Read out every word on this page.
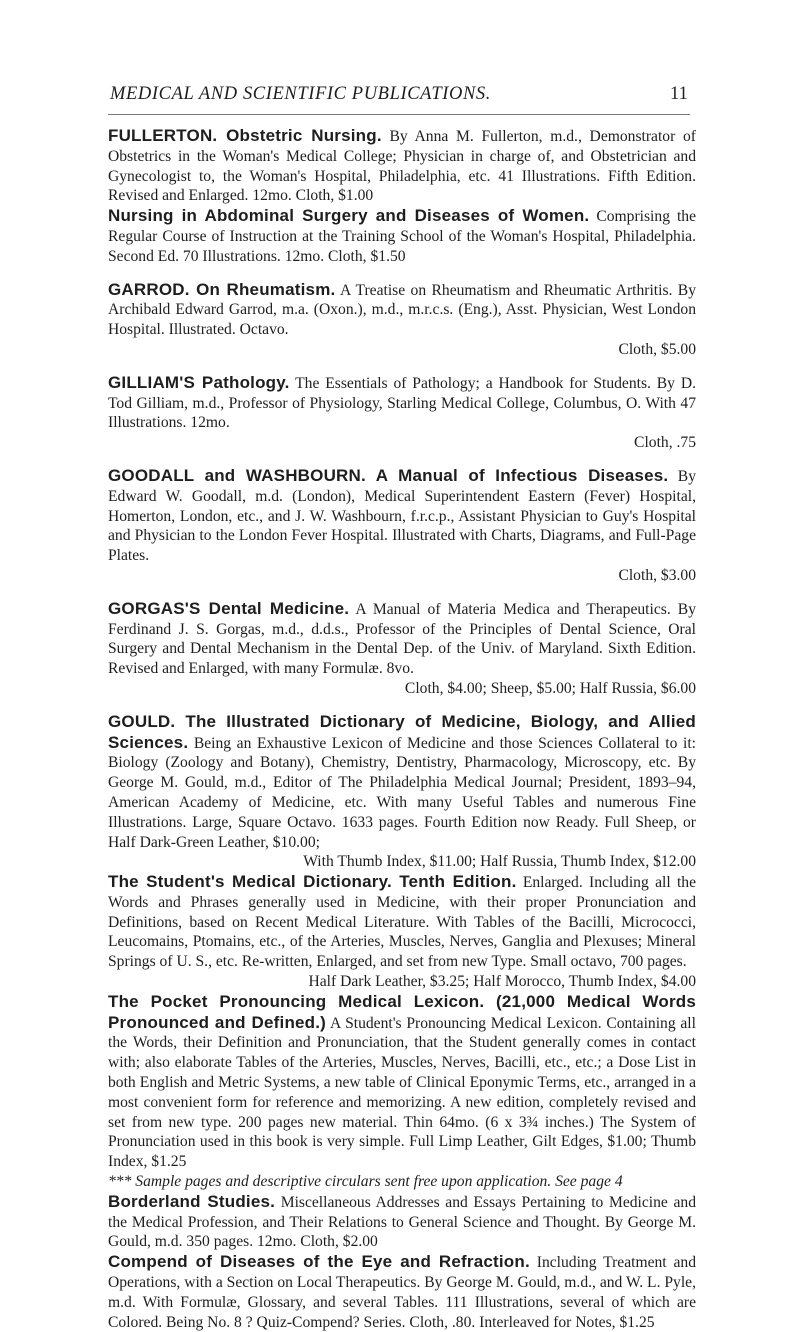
MEDICAL AND SCIENTIFIC PUBLICATIONS.	11
FULLERTON. Obstetric Nursing. By Anna M. Fullerton, m.d., Demonstrator of Obstetrics in the Woman's Medical College; Physician in charge of, and Obstetrician and Gynecologist to, the Woman's Hospital, Philadelphia, etc. 41 Illustrations. Fifth Edition. Revised and Enlarged. 12mo. Cloth, $1.00
Nursing in Abdominal Surgery and Diseases of Women. Comprising the Regular Course of Instruction at the Training School of the Woman's Hospital, Philadelphia. Second Ed. 70 Illustrations. 12mo. Cloth, $1.50
GARROD. On Rheumatism. A Treatise on Rheumatism and Rheumatic Arthritis. By Archibald Edward Garrod, m.a. (Oxon.), m.d., m.r.c.s. (Eng.), Asst. Physician, West London Hospital. Illustrated. Octavo.
Cloth, $5.00
GILLIAM'S Pathology. The Essentials of Pathology; a Handbook for Students. By D. Tod Gilliam, m.d., Professor of Physiology, Starling Medical College, Columbus, O. With 47 Illustrations. 12mo.
Cloth, .75
GOODALL and WASHBOURN. A Manual of Infectious Diseases. By Edward W. Goodall, m.d. (London), Medical Superintendent Eastern (Fever) Hospital, Homerton, London, etc., and J. W. Washbourn, f.r.c.p., Assistant Physician to Guy's Hospital and Physician to the London Fever Hospital. Illustrated with Charts, Diagrams, and Full-Page Plates.
Cloth, $3.00
GORGAS'S Dental Medicine. A Manual of Materia Medica and Therapeutics. By Ferdinand J. S. Gorgas, m.d., d.d.s., Professor of the Principles of Dental Science, Oral Surgery and Dental Mechanism in the Dental Dep. of the Univ. of Maryland. Sixth Edition. Revised and Enlarged, with many Formulæ. 8vo.
Cloth, $4.00; Sheep, $5.00; Half Russia, $6.00
GOULD. The Illustrated Dictionary of Medicine, Biology, and Allied Sciences. Being an Exhaustive Lexicon of Medicine and those Sciences Collateral to it: Biology (Zoology and Botany), Chemistry, Dentistry, Pharmacology, Microscopy, etc. By George M. Gould, m.d., Editor of The Philadelphia Medical Journal; President, 1893–94, American Academy of Medicine, etc. With many Useful Tables and numerous Fine Illustrations. Large, Square Octavo. 1633 pages. Fourth Edition now Ready. Full Sheep, or Half Dark-Green Leather, $10.00;
With Thumb Index, $11.00; Half Russia, Thumb Index, $12.00
The Student's Medical Dictionary. Tenth Edition. Enlarged. Including all the Words and Phrases generally used in Medicine, with their proper Pronunciation and Definitions, based on Recent Medical Literature. With Tables of the Bacilli, Micrococci, Leucomains, Ptomains, etc., of the Arteries, Muscles, Nerves, Ganglia and Plexuses; Mineral Springs of U. S., etc. Re-written, Enlarged, and set from new Type. Small octavo, 700 pages.
Half Dark Leather, $3.25; Half Morocco, Thumb Index, $4.00
The Pocket Pronouncing Medical Lexicon. (21,000 Medical Words Pronounced and Defined.) A Student's Pronouncing Medical Lexicon. Containing all the Words, their Definition and Pronunciation, that the Student generally comes in contact with; also elaborate Tables of the Arteries, Muscles, Nerves, Bacilli, etc., etc.; a Dose List in both English and Metric Systems, a new table of Clinical Eponymic Terms, etc., arranged in a most convenient form for reference and memorizing. A new edition, completely revised and set from new type. 200 pages new material. Thin 64mo. (6 x 3¾ inches.) The System of Pronunciation used in this book is very simple. Full Limp Leather, Gilt Edges, $1.00; Thumb Index, $1.25
*** Sample pages and descriptive circulars sent free upon application. See page 4
Borderland Studies. Miscellaneous Addresses and Essays Pertaining to Medicine and the Medical Profession, and Their Relations to General Science and Thought. By George M. Gould, m.d. 350 pages. 12mo. Cloth, $2.00
Compend of Diseases of the Eye and Refraction. Including Treatment and Operations, with a Section on Local Therapeutics. By George M. Gould, m.d., and W. L. Pyle, m.d. With Formulæ, Glossary, and several Tables. 111 Illustrations, several of which are Colored. Being No. 8 ? Quiz-Compend? Series. Cloth, .80. Interleaved for Notes, $1.25
